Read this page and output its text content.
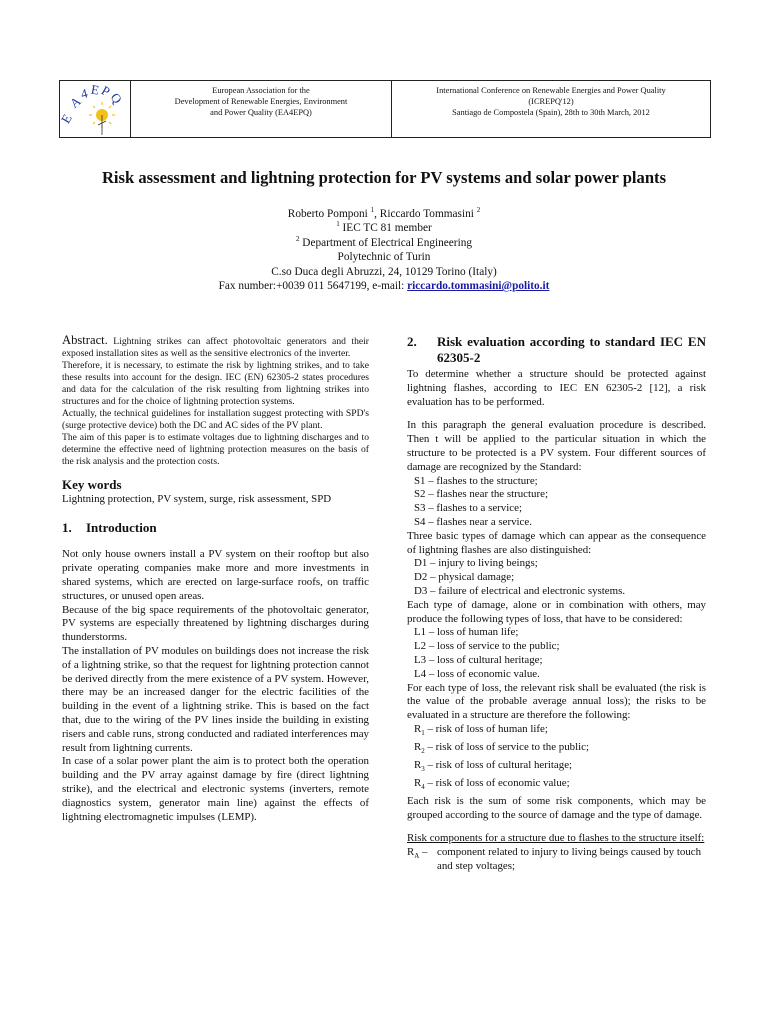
E
A
4 E
P
Q	European Association for the
Development of Renewable Energies, Environment
and Power Quality (EA4EPQ)
International Conference on Renewable Energies and Power Quality
(ICREPQ'12)
Santiago de Compostela (Spain), 28th to 30th March, 2012
Risk assessment and lightning protection for PV systems and solar power plants
Roberto Pomponi $^1$, Riccardo Tommasini $^2$
$^1$ IEC TC 81 member
$^2$ Department of Electrical Engineering
Polytechnic of Turin
C.so Duca degli Abruzzi, 24, 10129 Torino (Italy)
Fax number:+0039 011 5647199, e-mail: riccardo.tommasini@polito.it

Abstract. Lightning strikes can affect photovoltaic generators and their exposed installation sites as well as the sensitive electronics of the inverter.

Therefore, it is necessary, to estimate the risk by lightning strikes, and to take these results into account for the design. IEC (EN) 62305-2 states procedures and data for the calculation of the risk resulting from lightning strikes into structures and for the choice of lightning protection systems.

Actually, the technical guidelines for installation suggest protecting with SPD's (surge protective device) both the DC and AC sides of the PV plant.

The aim of this paper is to estimate voltages due to lightning discharges and to determine the effective need of lightning protection measures on the basis of the risk analysis and the protection costs.

Key words

Lightning protection, PV system, surge, risk assessment, SPD

1. Introduction

Not only house owners install a PV system on their rooftop but also private operating companies make more and more investments in shared systems, which are erected on large-surface roofs, on traffic structures, or unused open areas.

Because of the big space requirements of the photovoltaic generator, PV systems are especially threatened by lightning discharges during thunderstorms.

The installation of PV modules on buildings does not increase the risk of a lightning strike, so that the request for lightning protection cannot be derived directly from the mere existence of a PV system. However, there may be an increased danger for the electric facilities of the building in the event of a lightning strike. This is based on the fact that, due to the wiring of the PV lines inside the building in existing risers and cable runs, strong conducted and radiated interferences may result from lightning currents.

In case of a solar power plant the aim is to protect both the operation building and the PV array against damage by fire (direct lightning strike), and the electrical and electronic systems (inverters, remote diagnostics system, generator main line) against the effects of lightning electromagnetic impulses (LEMP).

2.	Risk evaluation according to standard IEC EN 62305-2

To determine whether a structure should be protected against lightning flashes, according to IEC EN 62305-2 [12], a risk evaluation has to be performed.

In this paragraph the general evaluation procedure is described. Then t will be applied to the particular situation in which the structure to be protected is a PV system. Four different sources of damage are recognized by the Standard:

S1 – flashes to the structure;
S2 – flashes near the structure;
S3 – flashes to a service;
S4 – flashes near a service.

Three basic types of damage which can appear as the consequence of lightning flashes are also distinguished:

D1 – injury to living beings;
D2 – physical damage;
D3 – failure of electrical and electronic systems.

Each type of damage, alone or in combination with others, may produce the following types of loss, that have to be considered:

L1 – loss of human life;
L2 – loss of service to the public;
L3 – loss of cultural heritage;
L4 – loss of economic value.

For each type of loss, the relevant risk shall be evaluated (the risk is the value of the probable average annual loss); the risks to be evaluated in a structure are therefore the following:

$R_1$ – risk of loss of human life;
$R_2$ – risk of loss of service to the public;
$R_3$ – risk of loss of cultural heritage;
$R_4$ – risk of loss of economic value;

Each risk is the sum of some risk components, which may be grouped according to the source of damage and the type of damage.

Risk components for a structure due to flashes to the structure itself:

$R_A$ – component related to injury to living beings caused by touch and step voltages;
